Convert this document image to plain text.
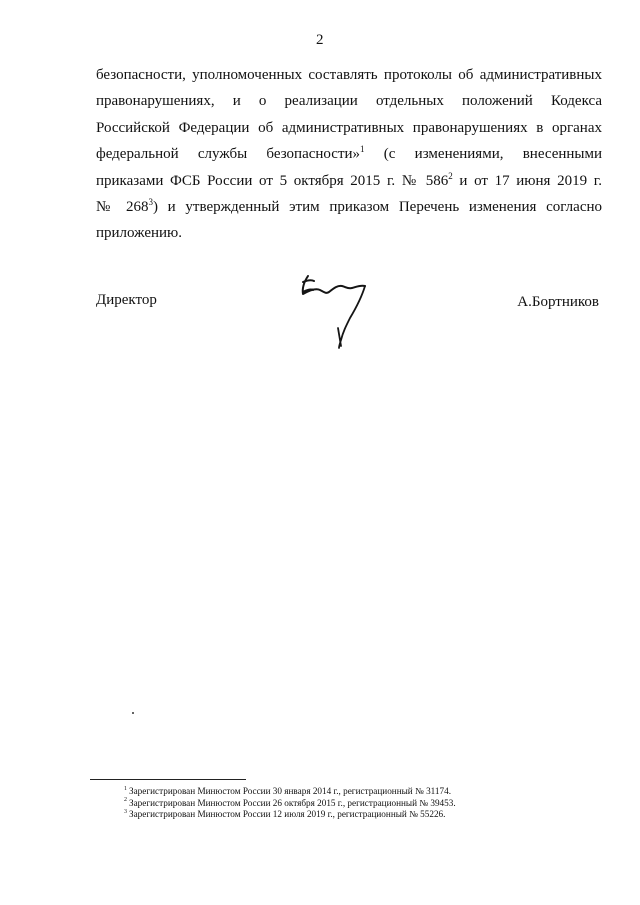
2
безопасности, уполномоченных составлять протоколы об административных
правонарушениях, и о реализации отдельных положений Кодекса
Российской Федерации об административных правонарушениях в органах
федеральной службы безопасности»$^1$ (с изменениями, внесенными
приказами ФСБ России от 5 октября 2015 г. № $586^2$ и от 17 июня 2019 г.
№ $268^3$) и утвержденный этим приказом Перечень изменения согласно
приложению.
Директор	А.Бортников
$^1$ Зарегистрирован Минюстом России 30 января 2014 г., регистрационный № 31174.
$^2$ Зарегистрирован Минюстом России 26 октября 2015 г., регистрационный № 39453.
$^3$ Зарегистрирован Минюстом России 12 июля 2019 г., регистрационный № 55226.
